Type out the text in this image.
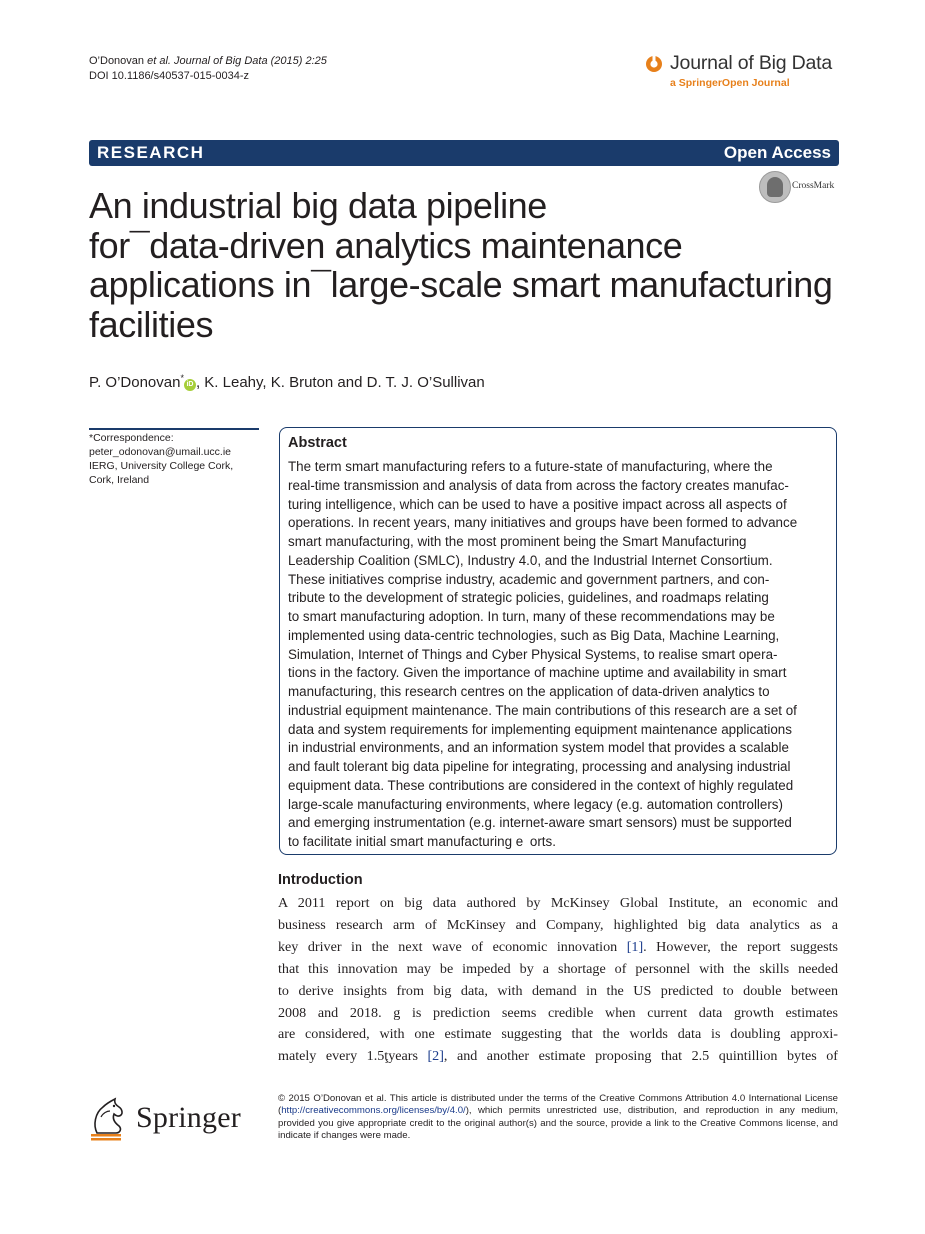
O’Donovan et al. Journal of Big Data (2015) 2:25
DOI 10.1186/s40537-015-0034-z
Journal of Big Data
a SpringerOpen Journal
RESEARCH	Open Access
CrossMark
An industrial big data pipeline
for¯data-driven analytics maintenance
applications in¯large-scale smart manufacturing
facilities
P. O’Donovan*iD , K. Leahy, K. Bruton and D. T. J. O’Sullivan
*Correspondence:
peter_odonovan@umail.ucc.ie
IERG, University College Cork,
Cork, Ireland
Abstract
The term smart manufacturing refers to a future-state of manufacturing, where the
real-time transmission and analysis of data from across the factory creates manufac-
turing intelligence, which can be used to have a positive impact across all aspects of
operations. In recent years, many initiatives and groups have been formed to advance
smart manufacturing, with the most prominent being the Smart Manufacturing
Leadership Coalition (SMLC), Industry 4.0, and the Industrial Internet Consortium.
These initiatives comprise industry, academic and government partners, and con-
tribute to the development of strategic policies, guidelines, and roadmaps relating
to smart manufacturing adoption. In turn, many of these recommendations may be
implemented using data-centric technologies, such as Big Data, Machine Learning,
Simulation, Internet of Things and Cyber Physical Systems, to realise smart opera-
tions in the factory. Given the importance of machine uptime and availability in smart
manufacturing, this research centres on the application of data-driven analytics to
industrial equipment maintenance. The main contributions of this research are a set of
data and system requirements for implementing equipment maintenance applications
in industrial environments, and an information system model that provides a scalable
and fault tolerant big data pipeline for integrating, processing and analysing industrial
equipment data. These contributions are considered in the context of highly regulated
large-scale manufacturing environments, where legacy (e.g. automation controllers)
and emerging instrumentation (e.g. internet-aware smart sensors) must be supported
to facilitate initial smart manufacturing e orts.
Introduction
A 2011 report on big data authored by McKinsey Global Institute, an economic and
business research arm of McKinsey and Company, highlighted big data analytics as a
key driver in the next wave of economic innovation [1]. However, the report suggests
that this innovation may be impeded by a shortage of personnel with the skills needed
to derive insights from big data, with demand in the US predicted to double between
2008 and 2018. g is prediction seems credible when current data growth estimates
are considered, with one estimate suggesting that the worlds data is doubling approxi-
mately every 1.5ţyears [2], and another estimate proposing that 2.5 quintillion bytes of
Springer
© 2015 O’Donovan et al. This article is distributed under the terms of the Creative Commons Attribution 4.0 International License
(http://creativecommons.org/licenses/by/4.0/), which permits unrestricted use, distribution, and reproduction in any medium,
provided you give appropriate credit to the original author(s) and the source, provide a link to the Creative Commons license, and
indicate if changes were made.
